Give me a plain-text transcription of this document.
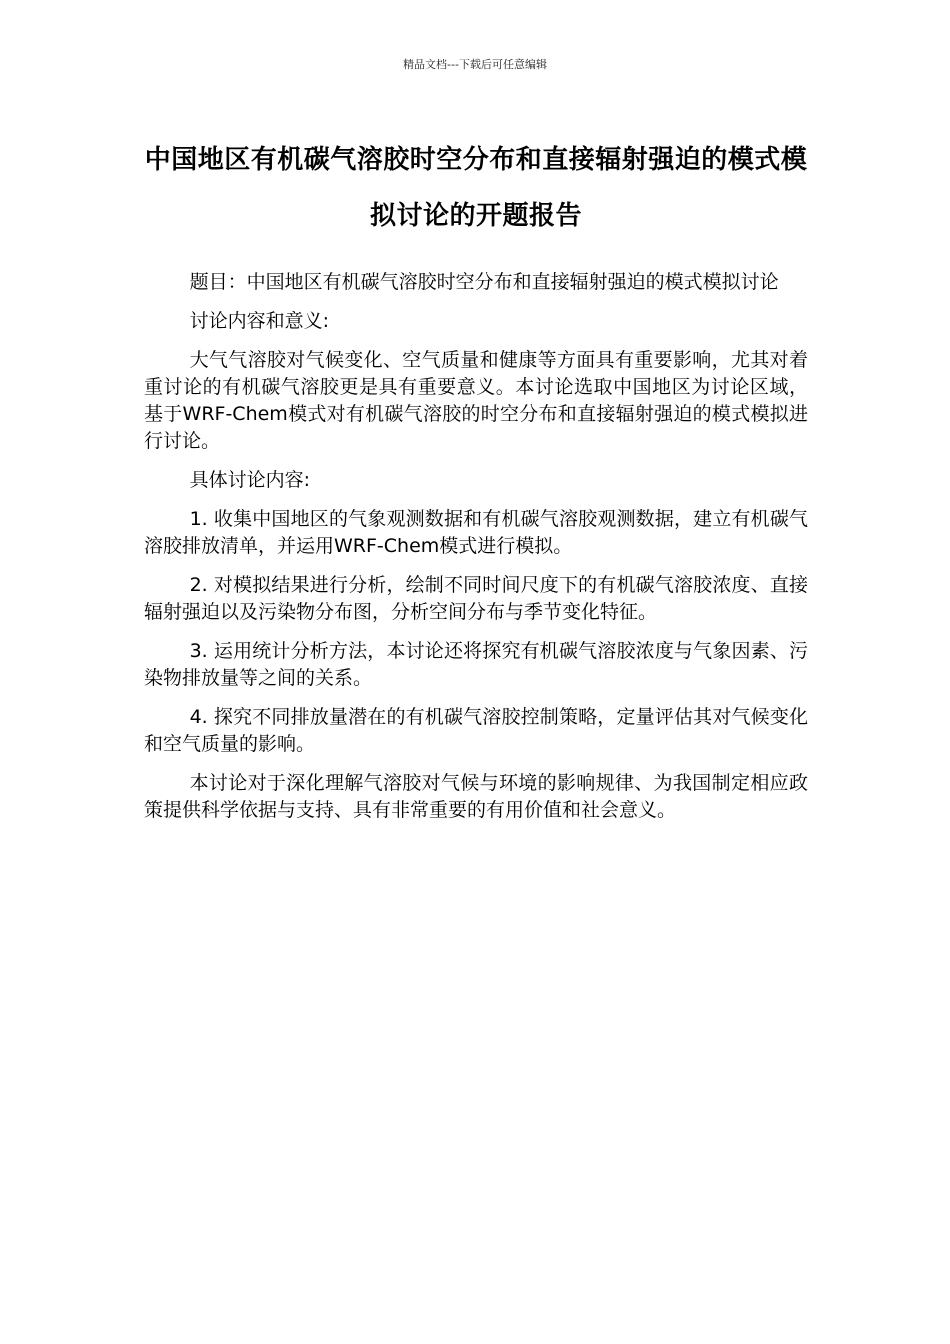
精品文档---下载后可任意编辑
中国地区有机碳气溶胶时空分布和直接辐射强迫的模式模拟讨论的开题报告

题目：中国地区有机碳气溶胶时空分布和直接辐射强迫的模式模拟讨论

讨论内容和意义:

大气气溶胶对气候变化、空气质量和健康等方面具有重要影响，尤其对着重讨论的有机碳气溶胶更是具有重要意义。本讨论选取中国地区为讨论区域，基于WRF-Chem模式对有机碳气溶胶的时空分布和直接辐射强迫的模式模拟进行讨论。

具体讨论内容:

1. 收集中国地区的气象观测数据和有机碳气溶胶观测数据，建立有机碳气溶胶排放清单，并运用WRF-Chem模式进行模拟。

2. 对模拟结果进行分析，绘制不同时间尺度下的有机碳气溶胶浓度、直接辐射强迫以及污染物分布图，分析空间分布与季节变化特征。

3. 运用统计分析方法，本讨论还将探究有机碳气溶胶浓度与气象因素、污染物排放量等之间的关系。

4. 探究不同排放量潜在的有机碳气溶胶控制策略，定量评估其对气候变化和空气质量的影响。

本讨论对于深化理解气溶胶对气候与环境的影响规律、为我国制定相应政策提供科学依据与支持、具有非常重要的有用价值和社会意义。
